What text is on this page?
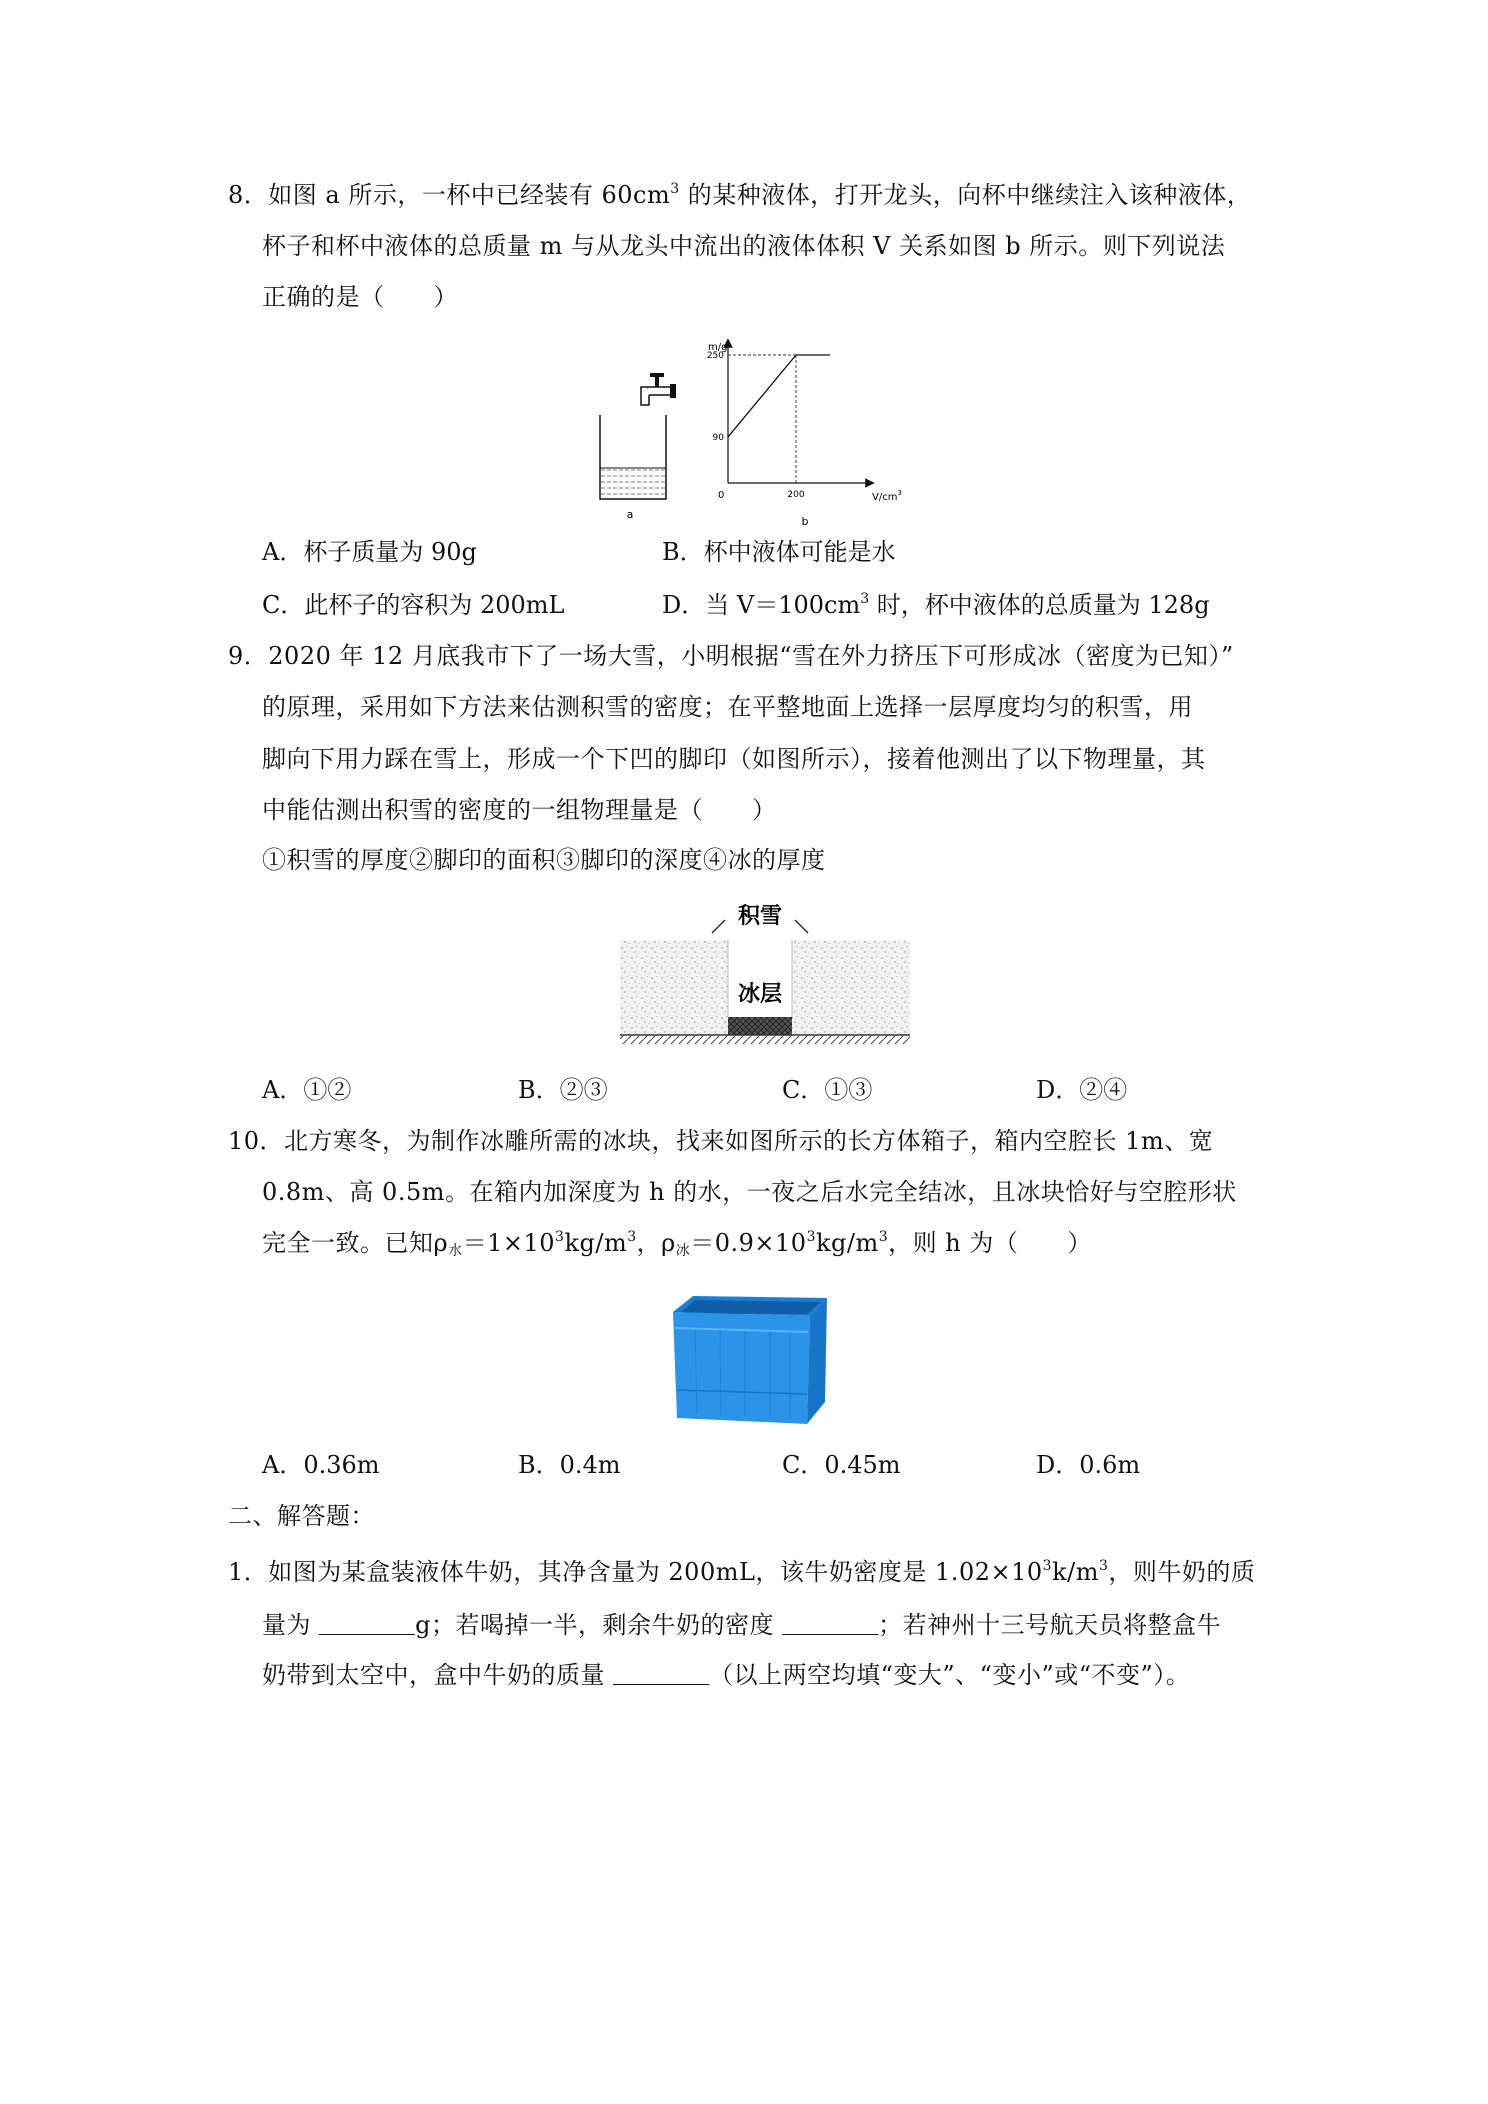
8．如图 a 所示，一杯中已经装有 $60cm^3$ 的某种液体，打开龙头，向杯中继续注入该种液体，
杯子和杯中液体的总质量 m 与从龙头中流出的液体体积 V 关系如图 b 所示。则下列说法
正确的是（　　）
a
m/g
$V/cm^3$
0
90
250
200
b
A．杯子质量为 90g	B．杯中液体可能是水
C．此杯子的容积为 200mL	D．当 $V=100cm^3$ 时，杯中液体的总质量为 128g
9．2020 年 12 月底我市下了一场大雪，小明根据“雪在外力挤压下可形成冰（密度为已知）”
的原理，采用如下方法来估测积雪的密度；在平整地面上选择一层厚度均匀的积雪，用
脚向下用力踩在雪上，形成一个下凹的脚印（如图所示），接着他测出了以下物理量，其
中能估测出积雪的密度的一组物理量是（　　）
①积雪的厚度②脚印的面积③脚印的深度④冰的厚度
积雪
冰层
A．①②	B．②③	C．①③	D．②④
10．北方寒冬，为制作冰雕所需的冰块，找来如图所示的长方体箱子，箱内空腔长 1m、宽
0.8m、高 0.5m。在箱内加深度为 h 的水，一夜之后水完全结冰，且冰块恰好与空腔形状
完全一致。已知$\rho_水=1\times 10^3kg/m^3$，$\rho_冰=0.9\times 10^3kg/m^3$，则 h 为（　　）
A．0.36m	B．0.4m	C．0.45m	D．0.6m
二、解答题：
1．如图为某盒装液体牛奶，其净含量为 200mL，该牛奶密度是 $1.02\times 10^3k/m^3$，则牛奶的质
量为	g；若喝掉一半，剩余牛奶的密度	；若神州十三号航天员将整盒牛
奶带到太空中，盒中牛奶的质量	（以上两空均填“变大”、“变小”或“不变”）。
